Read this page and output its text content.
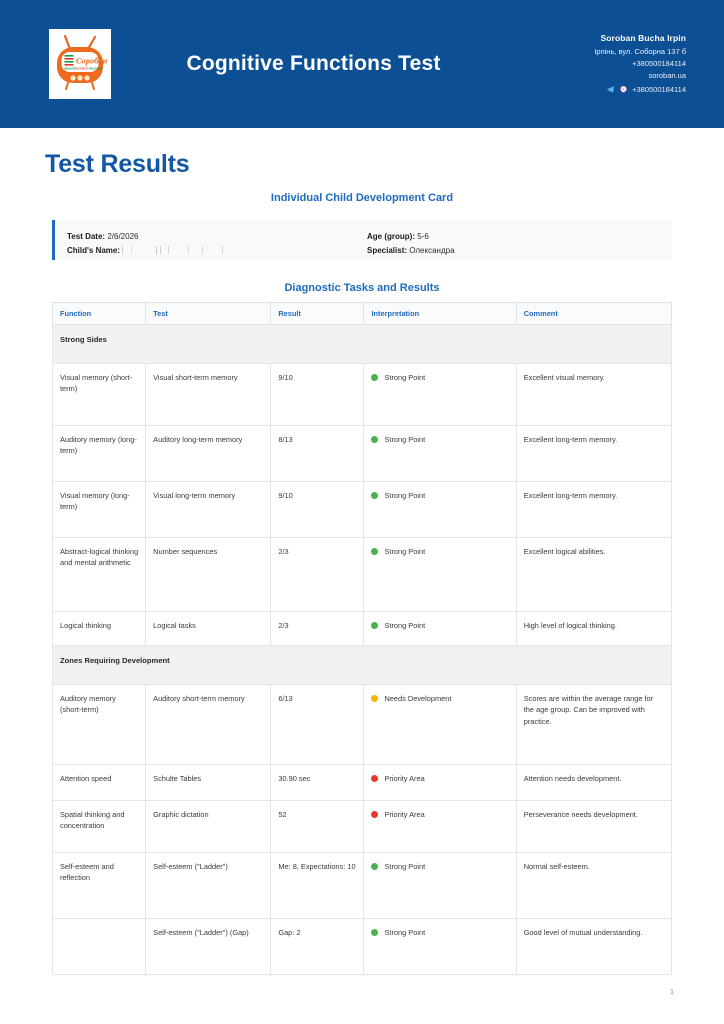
Соробан
ШКОЛА УСНОГО РАХУНКУ	Cognitive Functions Test
Soroban Bucha Irpin
Ірпінь, вул. Соборна 137 б
+380500184114
soroban.ua
+380500184114
Test Results
Individual Child Development Card
Test Date: 2/6/2026
Child's Name:
Age (group): 5-6
Specialist: Олександра
Diagnostic Tasks and Results
Function	Test	Result	Interpretation	Comment
Strong Sides				
Visual memory (short-term)	Visual short-term memory	9/10	Strong Point	Excellent visual memory.
Auditory memory (long-term)	Auditory long-term memory	8/13	Strong Point	Excellent long-term memory.
Visual memory (long-term)	Visual long-term memory	9/10	Strong Point	Excellent long-term memory.
Abstract-logical thinking and mental arithmetic	Number sequences	2/3	Strong Point	Excellent logical abilities.
Logical thinking	Logical tasks	2/3	Strong Point	High level of logical thinking.
Zones Requiring Development				
Auditory memory (short-term)	Auditory short-term memory	6/13	Needs Development	Scores are within the average range for the age group. Can be improved with practice.
Attention speed	Schulte Tables	30.90 sec	Priority Area	Attention needs development.
Spatial thinking and concentration	Graphic dictation	52	Priority Area	Perseverance needs development.
Self-esteem and reflection	Self-esteem ("Ladder")	Me: 8, Expectations: 10	Strong Point	Normal self-esteem.
	Self-esteem ("Ladder") (Gap)	Gap: 2	Strong Point	Good level of mutual understanding.
1
